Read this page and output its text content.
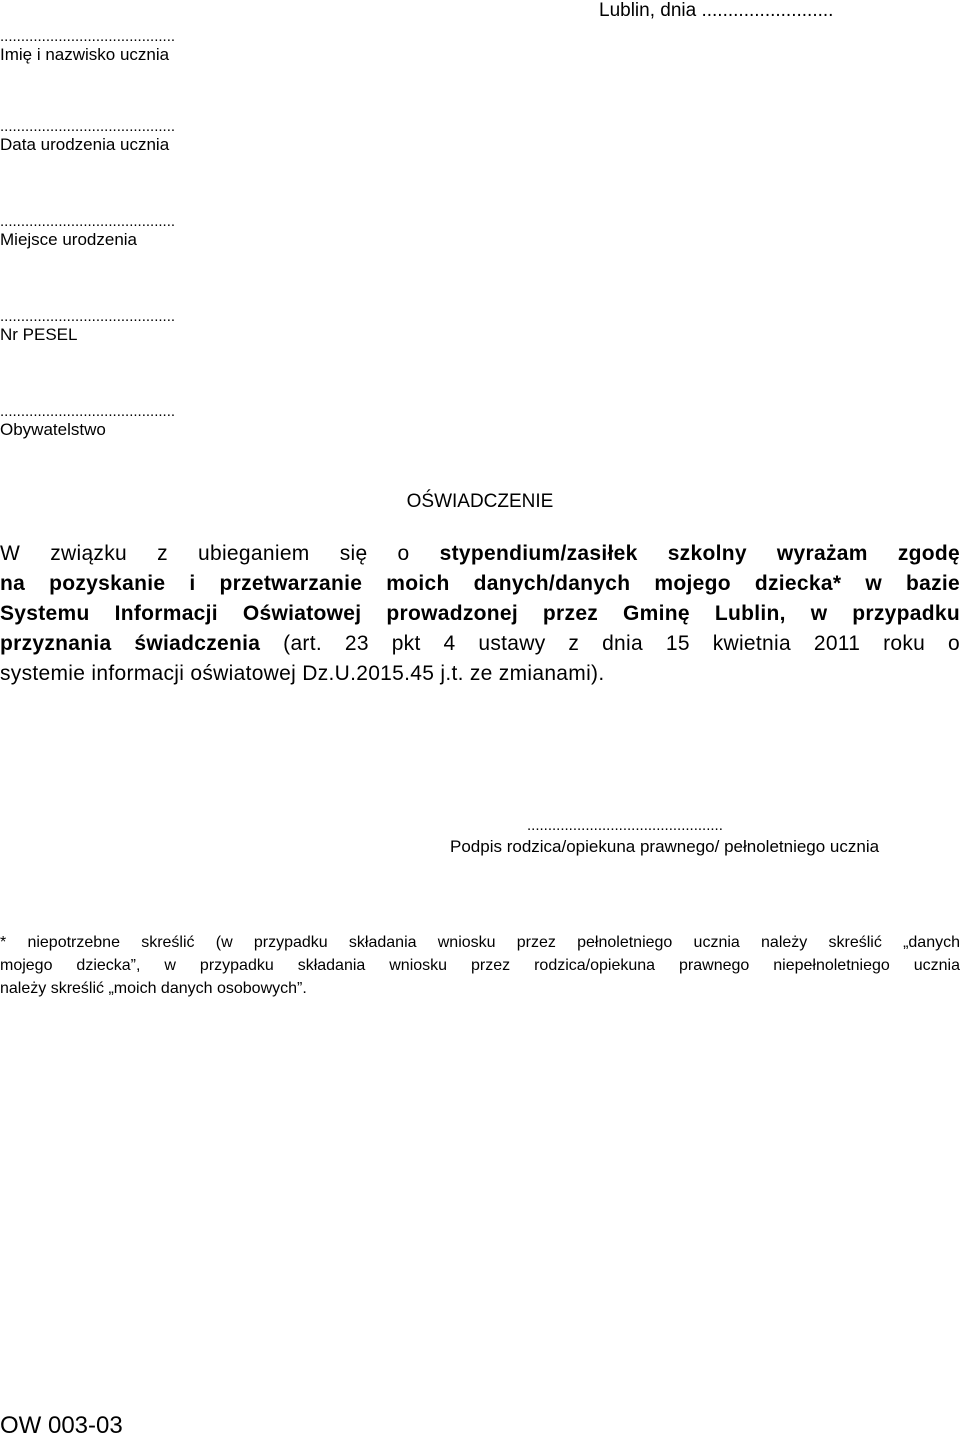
Lublin, dnia .........................
..........................................
Imię i nazwisko ucznia
..........................................
Data urodzenia ucznia
..........................................
Miejsce urodzenia
..........................................
Nr PESEL
..........................................
Obywatelstwo
OŚWIADCZENIE
W związku z ubieganiem się o stypendium/zasiłek szkolny wyrażam zgodę
na pozyskanie i przetwarzanie moich danych/danych mojego dziecka* w bazie
Systemu Informacji Oświatowej prowadzonej przez Gminę Lublin, w przypadku
przyznania świadczenia (art. 23 pkt 4 ustawy z dnia 15 kwietnia 2011 roku o
systemie informacji oświatowej Dz.U.2015.45 j.t. ze zmianami).
...............................................
Podpis rodzica/opiekuna prawnego/ pełnoletniego ucznia
* niepotrzebne skreślić (w przypadku składania wniosku przez pełnoletniego ucznia należy skreślić „danych
mojego dziecka”, w przypadku składania wniosku przez rodzica/opiekuna prawnego niepełnoletniego ucznia
należy skreślić „moich danych osobowych”.
OW 003-03
